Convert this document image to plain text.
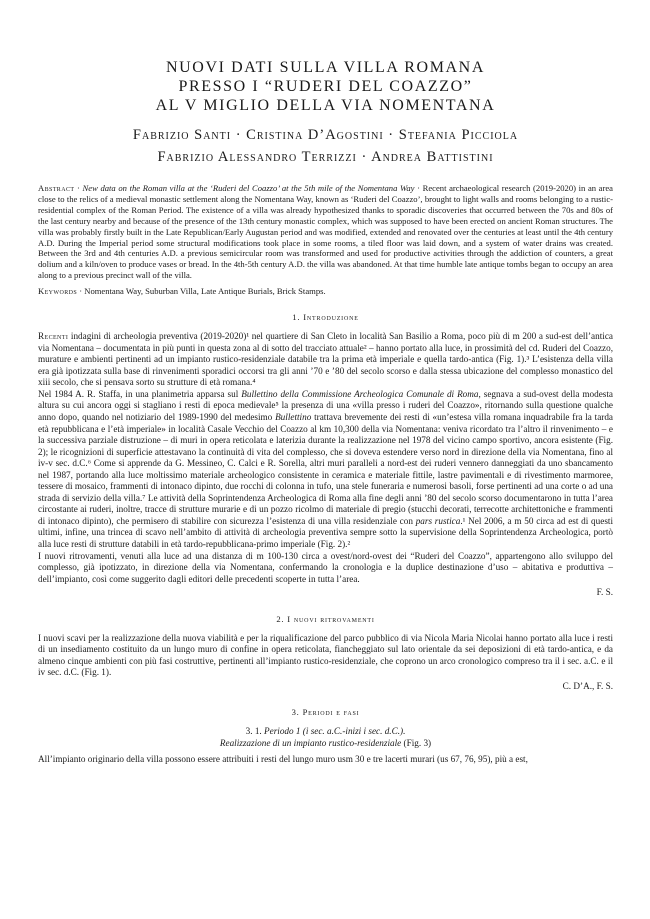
NUOVI DATI SULLA VILLA ROMANA
PRESSO I “RUDERI DEL COAZZO”
AL V MIGLIO DELLA VIA NOMENTANA
Fabrizio Santi · Cristina D’Agostini · Stefania Picciola
Fabrizio Alessandro Terrizzi · Andrea Battistini
Abstract · New data on the Roman villa at the ‘Ruderi del Coazzo’ at the 5th mile of the Nomentana Way · Recent archaeological research (2019-2020) in an area close to the relics of a medieval monastic settlement along the Nomentana Way, known as ‘Ruderi del Coazzo’, brought to light walls and rooms belonging to a rustic-residential complex of the Roman Period. The existence of a villa was already hypothesized thanks to sporadic discoveries that occurred between the 70s and 80s of the last century nearby and because of the presence of the 13th century monastic complex, which was supposed to have been erected on ancient Roman structures. The villa was probably firstly built in the Late Republican/Early Augustan period and was modified, extended and renovated over the centuries at least until the 4th century A.D. During the Imperial period some structural modifications took place in some rooms, a tiled floor was laid down, and a system of water drains was created. Between the 3rd and 4th centuries A.D. a previous semicircular room was transformed and used for productive activities through the addiction of counters, a great dolium and a kiln/oven to produce vases or bread. In the 4th-5th century A.D. the villa was abandoned. At that time humble late antique tombs began to occupy an area along to a previous precinct wall of the villa.
Keywords · Nomentana Way, Suburban Villa, Late Antique Burials, Brick Stamps.
1. Introduzione

Recenti indagini di archeologia preventiva (2019-2020)¹ nel quartiere di San Cleto in località San Basilio a Roma, poco più di m 200 a sud-est dell’antica via Nomentana – documentata in più punti in questa zona al di sotto del tracciato attuale² – hanno portato alla luce, in prossimità del cd. Ruderi del Coazzo, murature e ambienti pertinenti ad un impianto rustico-residenziale databile tra la prima età imperiale e quella tardo-antica (Fig. 1).³ L’esistenza della villa era già ipotizzata sulla base di rinvenimenti sporadici occorsi tra gli anni ’70 e ’80 del secolo scorso e dalla stessa ubicazione del complesso monastico del xiii secolo, che si pensava sorto su strutture di età romana.⁴

Nel 1984 A. R. Staffa, in una planimetria apparsa sul Bullettino della Commissione Archeologica Comunale di Roma, segnava a sud-ovest della modesta altura su cui ancora oggi si stagliano i resti di epoca medievale⁵ la presenza di una «villa presso i ruderi del Coazzo», ritornando sulla questione qualche anno dopo, quando nel notiziario del 1989-1990 del medesimo Bullettino trattava brevemente dei resti di «un’estesa villa romana inquadrabile fra la tarda età repubblicana e l’età imperiale» in località Casale Vecchio del Coazzo al km 10,300 della via Nomentana: veniva ricordato tra l’altro il rinvenimento – e la successiva parziale distruzione – di muri in opera reticolata e laterizia durante la realizzazione nel 1978 del vicino campo sportivo, ancora esistente (Fig. 2); le ricognizioni di superficie attestavano la continuità di vita del complesso, che si doveva estendere verso nord in direzione della via Nomentana, fino al iv-v sec. d.C.⁶ Come si apprende da G. Messineo, C. Calci e R. Sorella, altri muri paralleli a nord-est dei ruderi vennero danneggiati da uno sbancamento nel 1987, portando alla luce moltissimo materiale archeologico consistente in ceramica e materiale fittile, lastre pavimentali e di rivestimento marmoree, tessere di mosaico, frammenti di intonaco dipinto, due rocchi di colonna in tufo, una stele funeraria e numerosi basoli, forse pertinenti ad una corte o ad una strada di servizio della villa.⁷ Le attività della Soprintendenza Archeologica di Roma alla fine degli anni ’80 del secolo scorso documentarono in tutta l’area circostante ai ruderi, inoltre, tracce di strutture murarie e di un pozzo ricolmo di materiale di pregio (stucchi decorati, terrecotte architettoniche e frammenti di intonaco dipinto), che permisero di stabilire con sicurezza l’esistenza di una villa residenziale con pars rustica.¹ Nel 2006, a m 50 circa ad est di questi ultimi, infine, una trincea di scavo nell’ambito di attività di archeologia preventiva sempre sotto la supervisione della Soprintendenza Archeologica, portò alla luce resti di strutture databili in età tardo-repubblicana-primo imperiale (Fig. 2).²

I nuovi ritrovamenti, venuti alla luce ad una distanza di m 100-130 circa a ovest/nord-ovest dei “Ruderi del Coazzo”, appartengono allo sviluppo del complesso, già ipotizzato, in direzione della via Nomentana, confermando la cronologia e la duplice destinazione d’uso – abitativa e produttiva – dell’impianto, così come suggerito dagli editori delle precedenti scoperte in tutta l’area.

F. S.
2. I nuovi ritrovamenti

I nuovi scavi per la realizzazione della nuova viabilità e per la riqualificazione del parco pubblico di via Nicola Maria Nicolai hanno portato alla luce i resti di un insediamento costituito da un lungo muro di confine in opera reticolata, fiancheggiato sul lato orientale da sei deposizioni di età tardo-antica, e da almeno cinque ambienti con più fasi costruttive, pertinenti all’impianto rustico-residenziale, che coprono un arco cronologico compreso tra il i sec. a.C. e il iv sec. d.C. (Fig. 1).

C. D’A., F. S.
3. Periodi e fasi
3. 1. Periodo 1 (i sec. a.C.-inizi i sec. d.C.).
Realizzazione di un impianto rustico-residenziale (Fig. 3)

All’impianto originario della villa possono essere attribuiti i resti del lungo muro usm 30 e tre lacerti murari (us 67, 76, 95), più a est,
